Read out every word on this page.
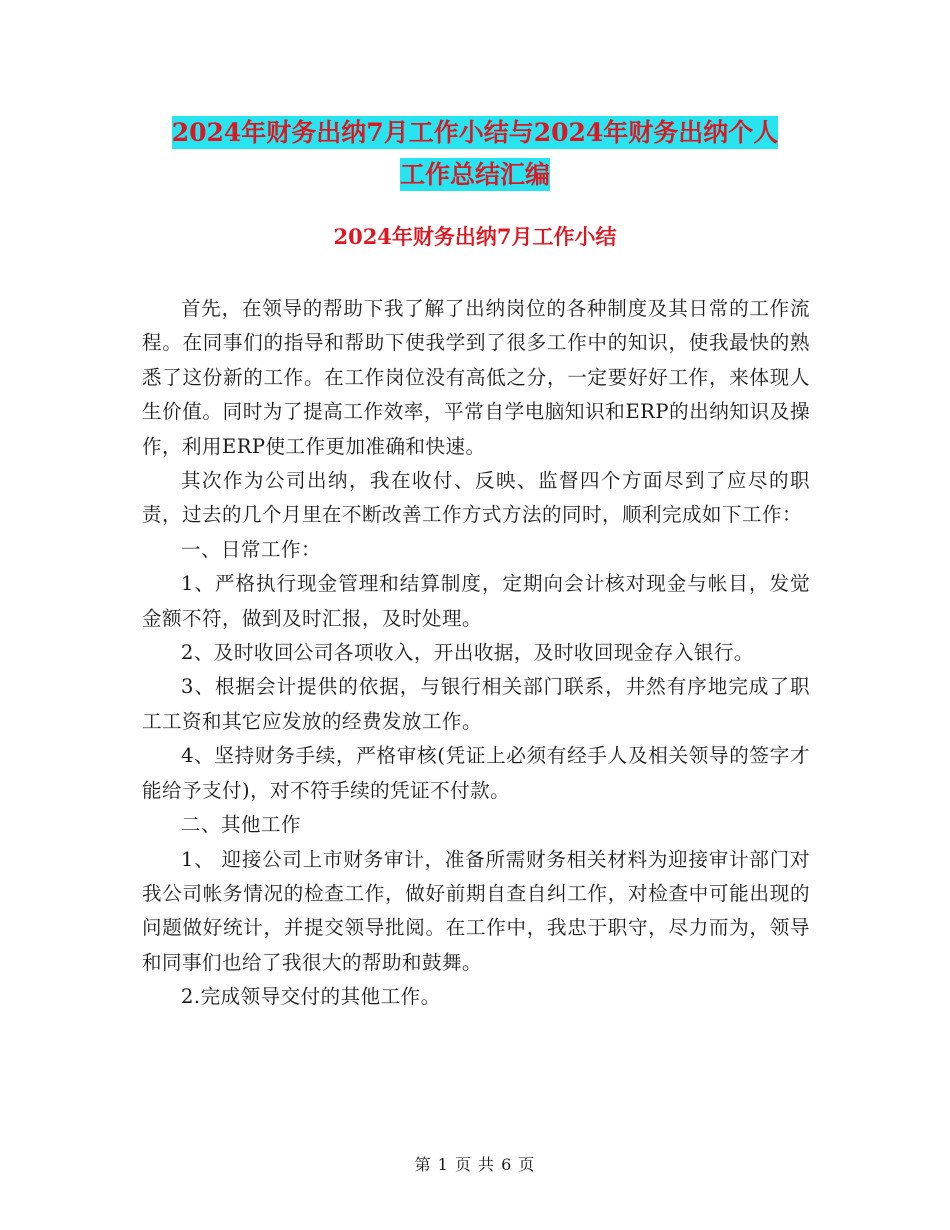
2024年财务出纳7月工作小结与2024年财务出纳个人
工作总结汇编
2024年财务出纳7月工作小结

首先，在领导的帮助下我了解了出纳岗位的各种制度及其日常的工作流程。在同事们的指导和帮助下使我学到了很多工作中的知识，使我最快的熟悉了这份新的工作。在工作岗位没有高低之分，一定要好好工作，来体现人生价值。同时为了提高工作效率，平常自学电脑知识和ERP的出纳知识及操作，利用ERP使工作更加准确和快速。

其次作为公司出纳，我在收付、反映、监督四个方面尽到了应尽的职责，过去的几个月里在不断改善工作方式方法的同时，顺利完成如下工作：

一、日常工作：

1、严格执行现金管理和结算制度，定期向会计核对现金与帐目，发觉金额不符，做到及时汇报，及时处理。

2、及时收回公司各项收入，开出收据，及时收回现金存入银行。

3、根据会计提供的依据，与银行相关部门联系，井然有序地完成了职工工资和其它应发放的经费发放工作。

4、坚持财务手续，严格审核(凭证上必须有经手人及相关领导的签字才能给予支付)，对不符手续的凭证不付款。

二、其他工作

1、 迎接公司上市财务审计，准备所需财务相关材料为迎接审计部门对我公司帐务情况的检查工作，做好前期自查自纠工作，对检查中可能出现的问题做好统计，并提交领导批阅。在工作中，我忠于职守，尽力而为，领导和同事们也给了我很大的帮助和鼓舞。

2.完成领导交付的其他工作。

第 1 页 共 6 页
